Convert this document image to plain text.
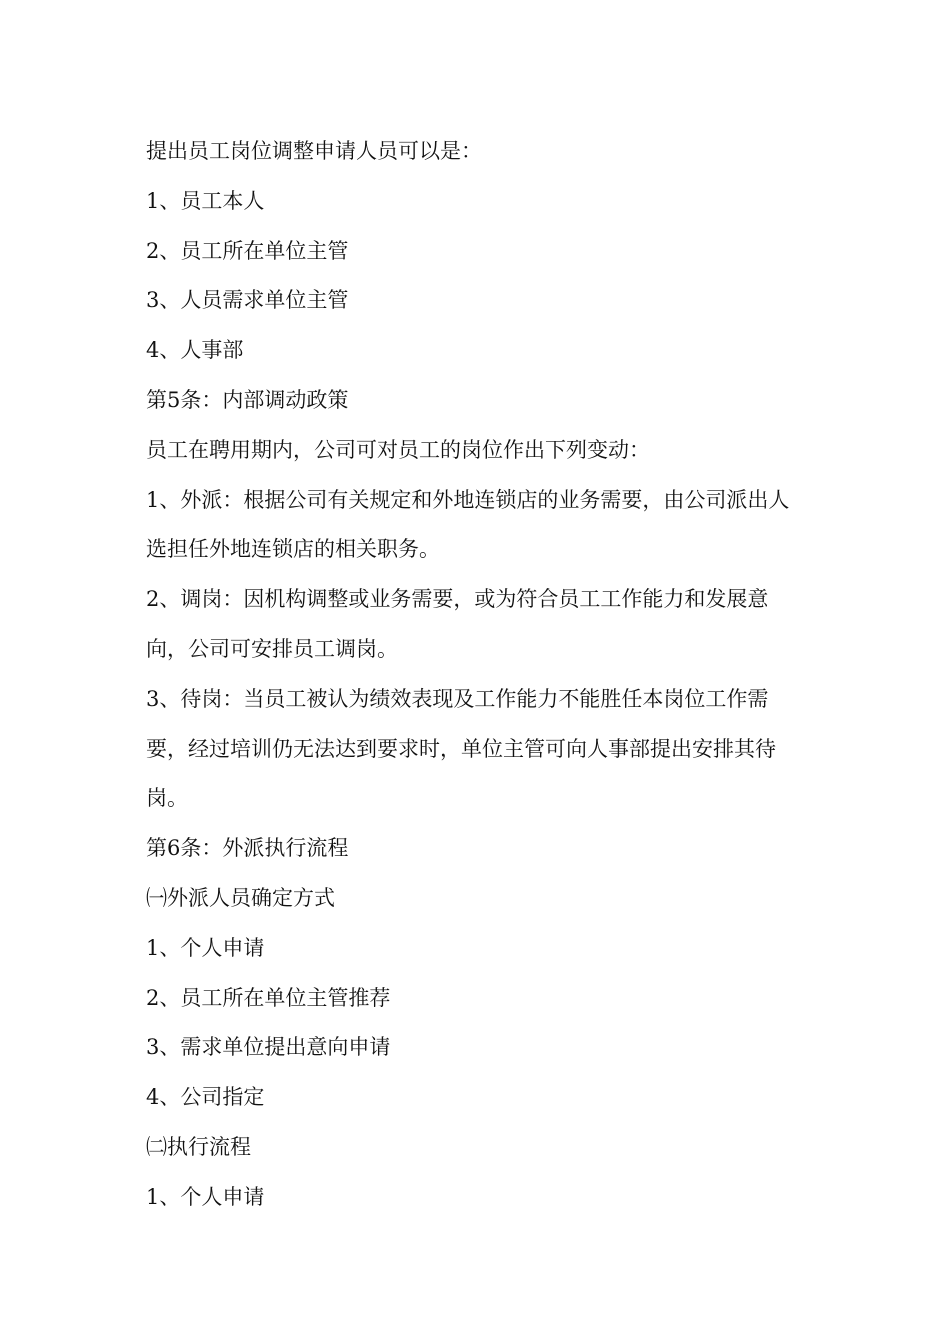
提出员工岗位调整申请人员可以是：

1、员工本人

2、员工所在单位主管

3、人员需求单位主管

4、人事部

第5条：内部调动政策

员工在聘用期内，公司可对员工的岗位作出下列变动：

1、外派：根据公司有关规定和外地连锁店的业务需要，由公司派出人选担任外地连锁店的相关职务。

2、调岗：因机构调整或业务需要，或为符合员工工作能力和发展意向，公司可安排员工调岗。

3、待岗：当员工被认为绩效表现及工作能力不能胜任本岗位工作需要，经过培训仍无法达到要求时，单位主管可向人事部提出安排其待岗。

第6条：外派执行流程

㈠外派人员确定方式

1、个人申请

2、员工所在单位主管推荐

3、需求单位提出意向申请

4、公司指定

㈡执行流程

1、个人申请
